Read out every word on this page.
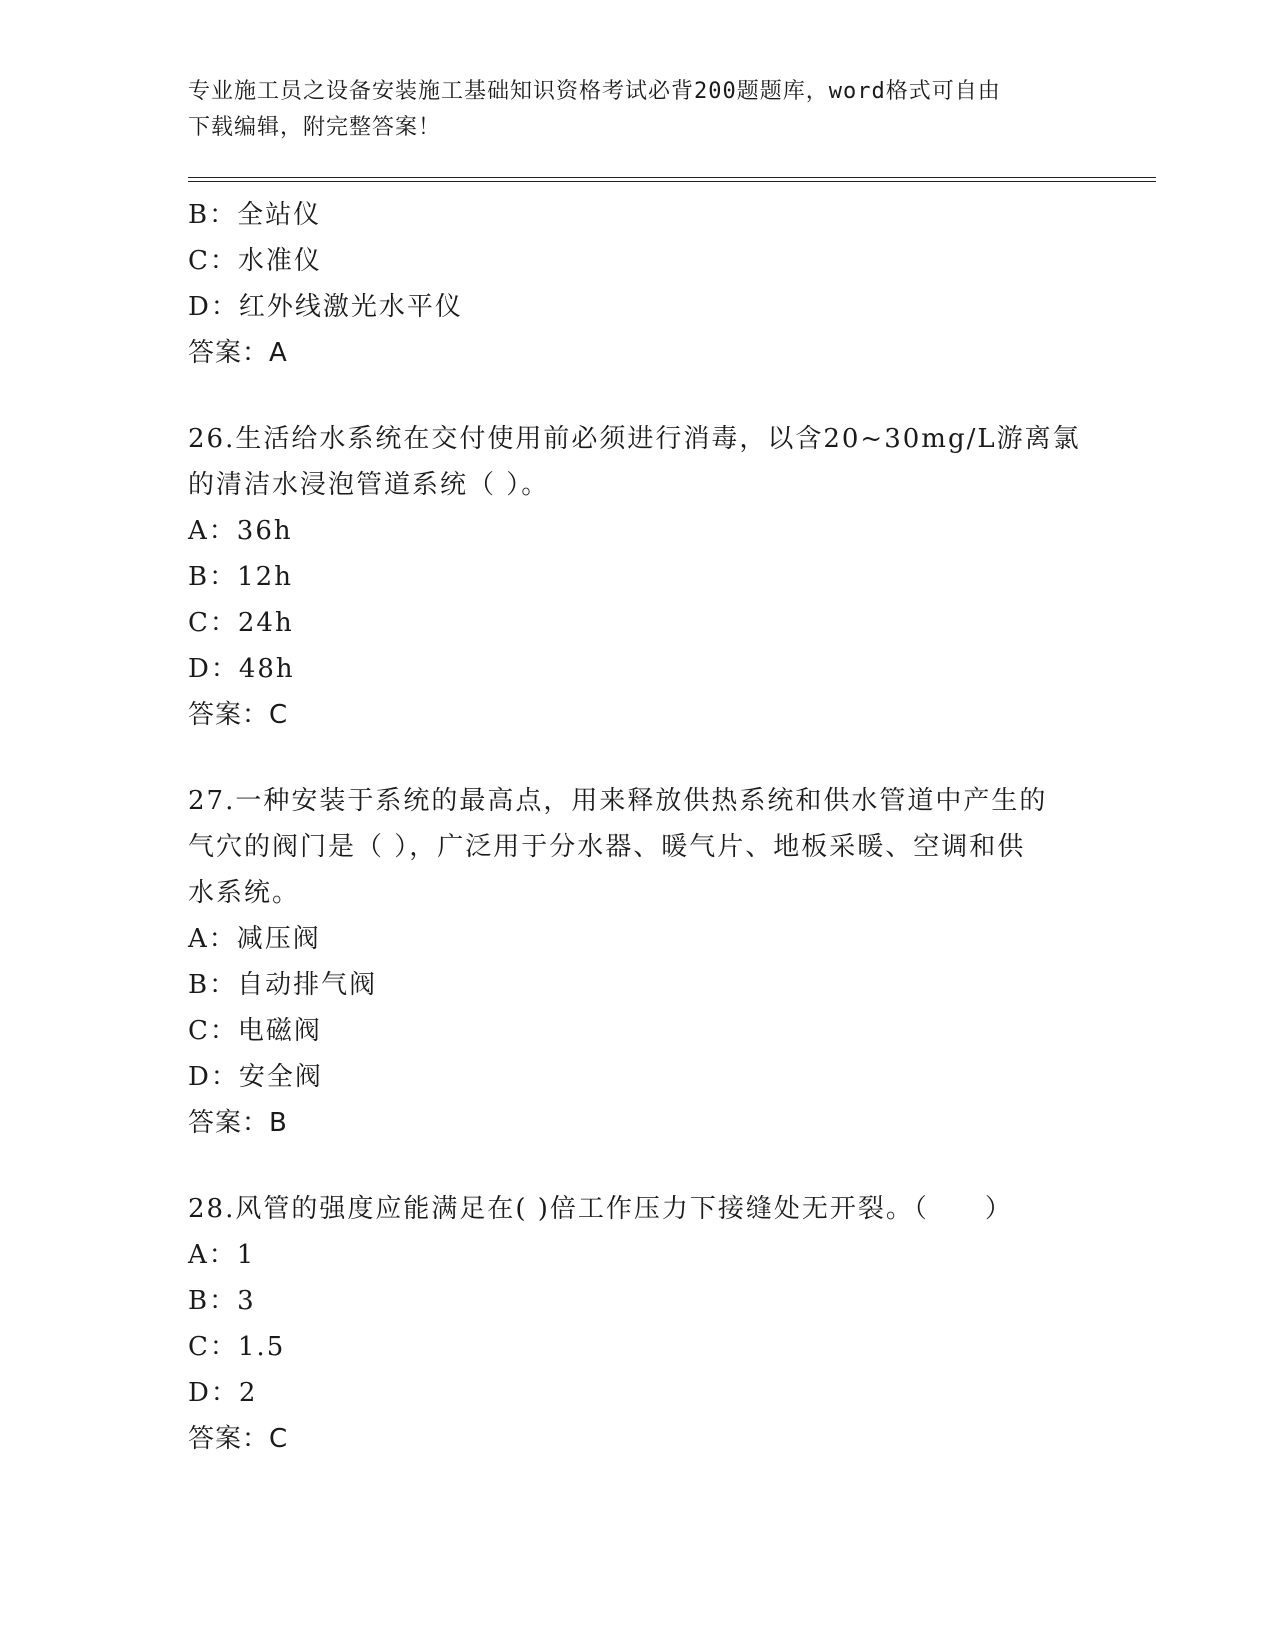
专业施工员之设备安装施工基础知识资格考试必背200题题库，word格式可自由
下载编辑，附完整答案！
B：全站仪
C：水准仪
D：红外线激光水平仪
答案：A
26.生活给水系统在交付使用前必须进行消毒，以含20~30mg/L游离氯
的清洁水浸泡管道系统（ ）。
A：36h
B：12h
C：24h
D：48h
答案：C
27.一种安装于系统的最高点，用来释放供热系统和供水管道中产生的
气穴的阀门是（ ），广泛用于分水器、暖气片、地板采暖、空调和供
水系统。
A：减压阀
B：自动排气阀
C：电磁阀
D：安全阀
答案：B
28.风管的强度应能满足在( )倍工作压力下接缝处无开裂。（　　）
A：1
B：3
C：1.5
D：2
答案：C
